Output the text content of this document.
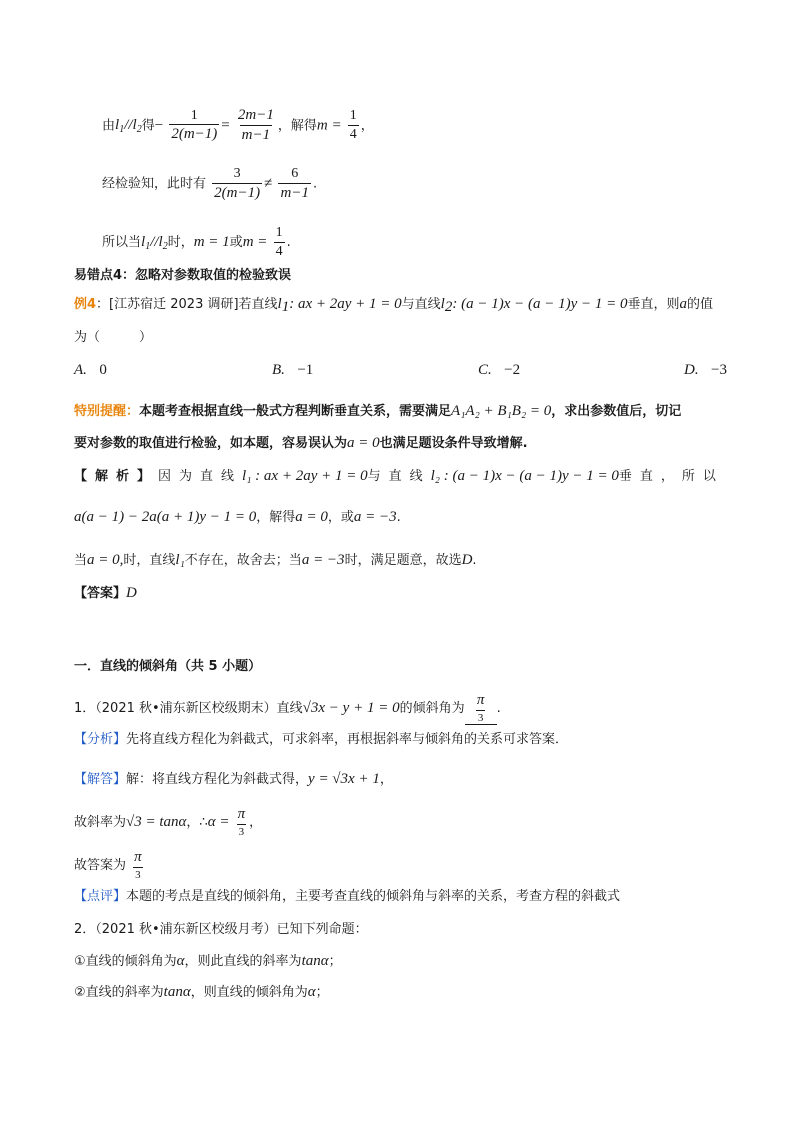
由$l_1//l_2$得− $\frac{1}{2(m-1)} = \frac{2m-1}{m-1}$ ，解得$m = \frac{1}{4}$ ，
经检验知，此时有 $\frac{3}{2(m-1)} \ne \frac{6}{m-1}$ .
所以当$l_1//l_2$时，m = 1或$m = \frac{1}{4}$ .
易错点4：忽略对参数取值的检验致误
例4：[江苏宿迁 2023 调研]若直线$l_1$: ax + 2ay + 1 = 0与直线$l_2$: (a − 1)x − (a − 1)y − 1 = 0垂直，则a的值
为（　　　）
A. 0	B. −1	C. −2	D. −3
特别提醒：本题考查根据直线一般式方程判断垂直关系，需要满足A₁A₂ + B₁B₂ = 0，求出参数值后，切记
要对参数的取值进行检验，如本题，容易误认为a = 0也满足题设条件导致增解.
【解析】因为直线l₁ : ax + 2ay + 1 = 0与直线l₂ : (a − 1)x − (a − 1)y − 1 = 0垂直，所以
a(a − 1) − 2a(a + 1)y − 1 = 0，解得a = 0，或a = −3.
当a = 0,时，直线l₁不存在，故舍去；当a = −3时，满足题意，故选D.
【答案】D
一．直线的倾斜角（共 5 小题）
1．（2021 秋•浦东新区校级期末）直线√3x − y + 1 = 0的倾斜角为 $\frac{\pi}{3}$ .
【分析】先将直线方程化为斜截式，可求斜率，再根据斜率与倾斜角的关系可求答案．
【解答】解：将直线方程化为斜截式得，y = √3x + 1，
故斜率为√3 = tanα，∴α = $\frac{\pi}{3}$ ，
故答案为 $\frac{\pi}{3}$
【点评】本题的考点是直线的倾斜角，主要考查直线的倾斜角与斜率的关系，考查方程的斜截式
2．（2021 秋•浦东新区校级月考）已知下列命题：
①直线的倾斜角为α，则此直线的斜率为tanα；
②直线的斜率为tanα，则直线的倾斜角为α；
